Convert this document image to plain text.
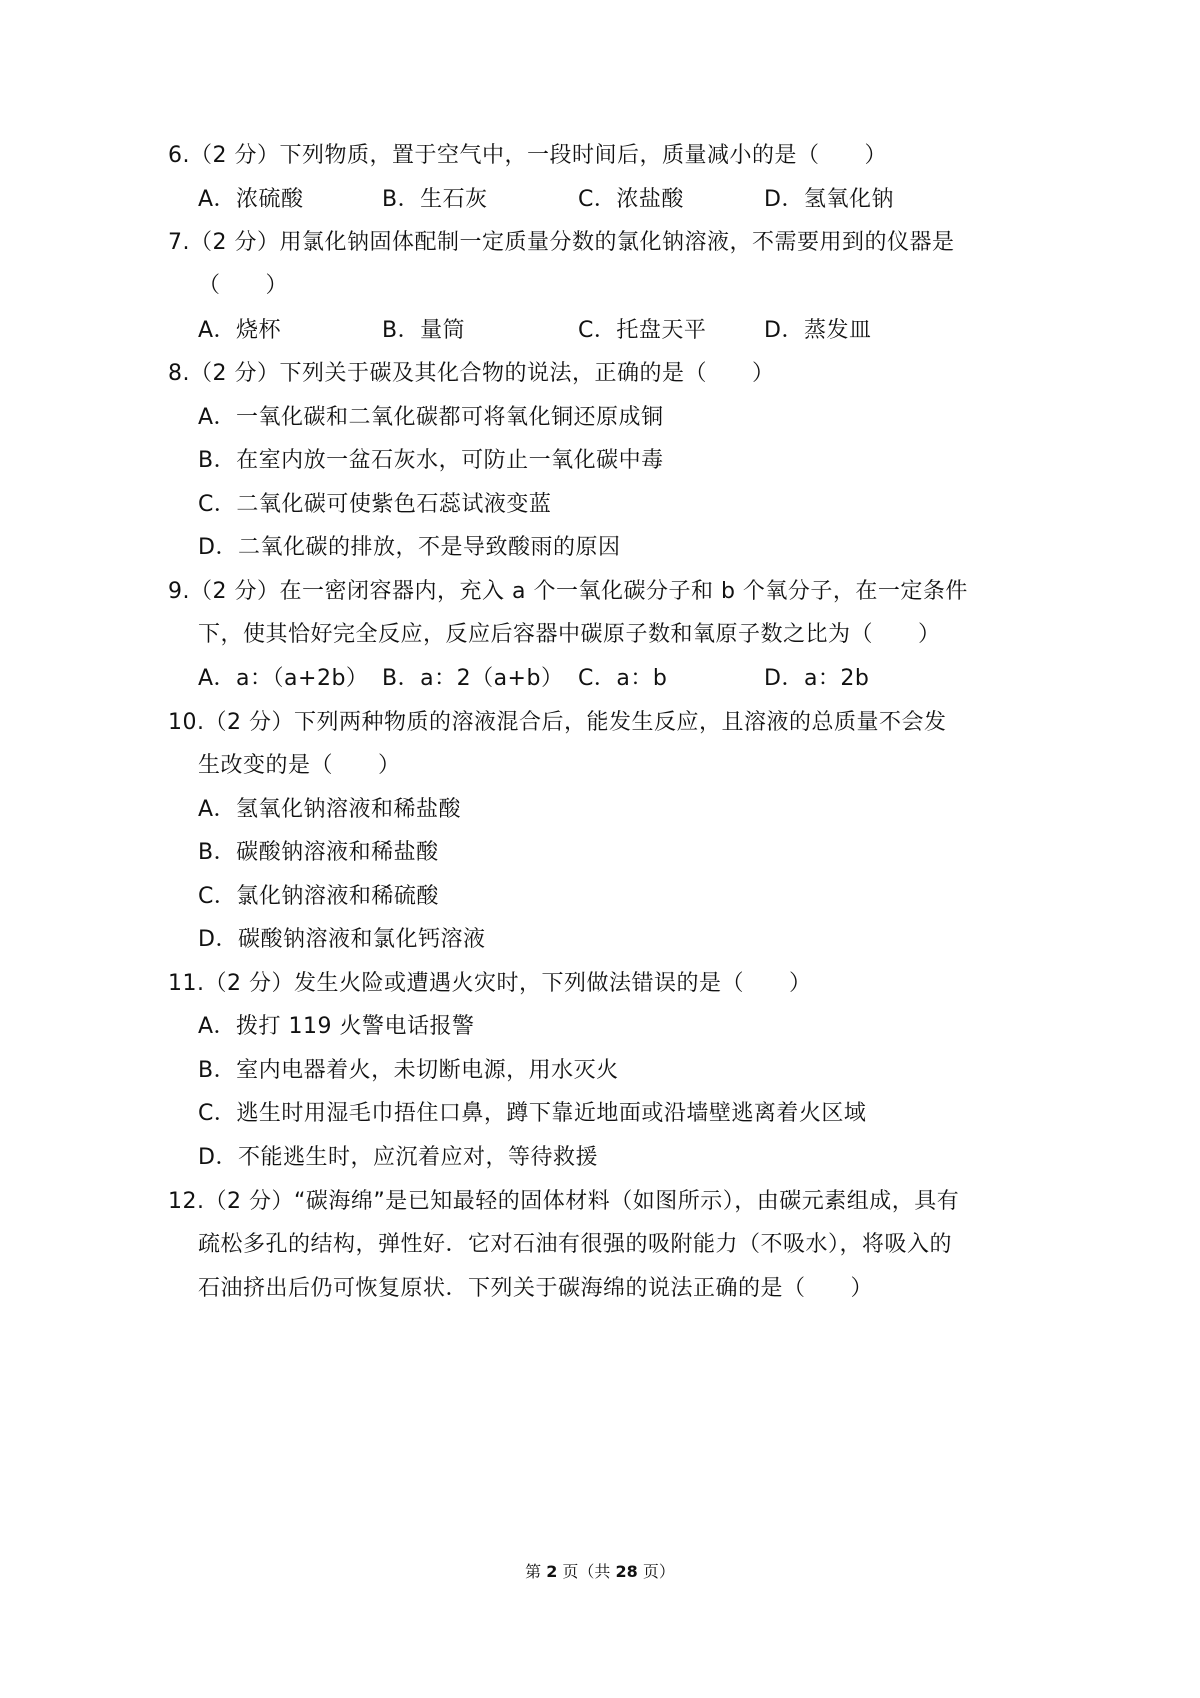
6.（2 分）下列物质，置于空气中，一段时间后，质量减小的是（　　）
A．浓硫酸	B．生石灰	C．浓盐酸	D．氢氧化钠
7.（2 分）用氯化钠固体配制一定质量分数的氯化钠溶液，不需要用到的仪器是
（　　）
A．烧杯	B．量筒	C．托盘天平	D．蒸发皿
8.（2 分）下列关于碳及其化合物的说法，正确的是（　　）
A．一氧化碳和二氧化碳都可将氧化铜还原成铜
B．在室内放一盆石灰水，可防止一氧化碳中毒
C．二氧化碳可使紫色石蕊试液变蓝
D．二氧化碳的排放，不是导致酸雨的原因
9.（2 分）在一密闭容器内，充入 a 个一氧化碳分子和 b 个氧分子，在一定条件
下，使其恰好完全反应，反应后容器中碳原子数和氧原子数之比为（　　）
A．a：（a+2b） B．a：2（a+b） C．a：b	D．a：2b
10.（2 分）下列两种物质的溶液混合后，能发生反应，且溶液的总质量不会发
生改变的是（　　）
A．氢氧化钠溶液和稀盐酸
B．碳酸钠溶液和稀盐酸
C．氯化钠溶液和稀硫酸
D．碳酸钠溶液和氯化钙溶液
11.（2 分）发生火险或遭遇火灾时，下列做法错误的是（　　）
A．拨打 119 火警电话报警
B．室内电器着火，未切断电源，用水灭火
C．逃生时用湿毛巾捂住口鼻，蹲下靠近地面或沿墙壁逃离着火区域
D．不能逃生时，应沉着应对，等待救援
12.（2 分）“碳海绵”是已知最轻的固体材料（如图所示），由碳元素组成，具有
疏松多孔的结构，弹性好．它对石油有很强的吸附能力（不吸水），将吸入的
石油挤出后仍可恢复原状．下列关于碳海绵的说法正确的是（　　）
第 2 页（共 28 页）
